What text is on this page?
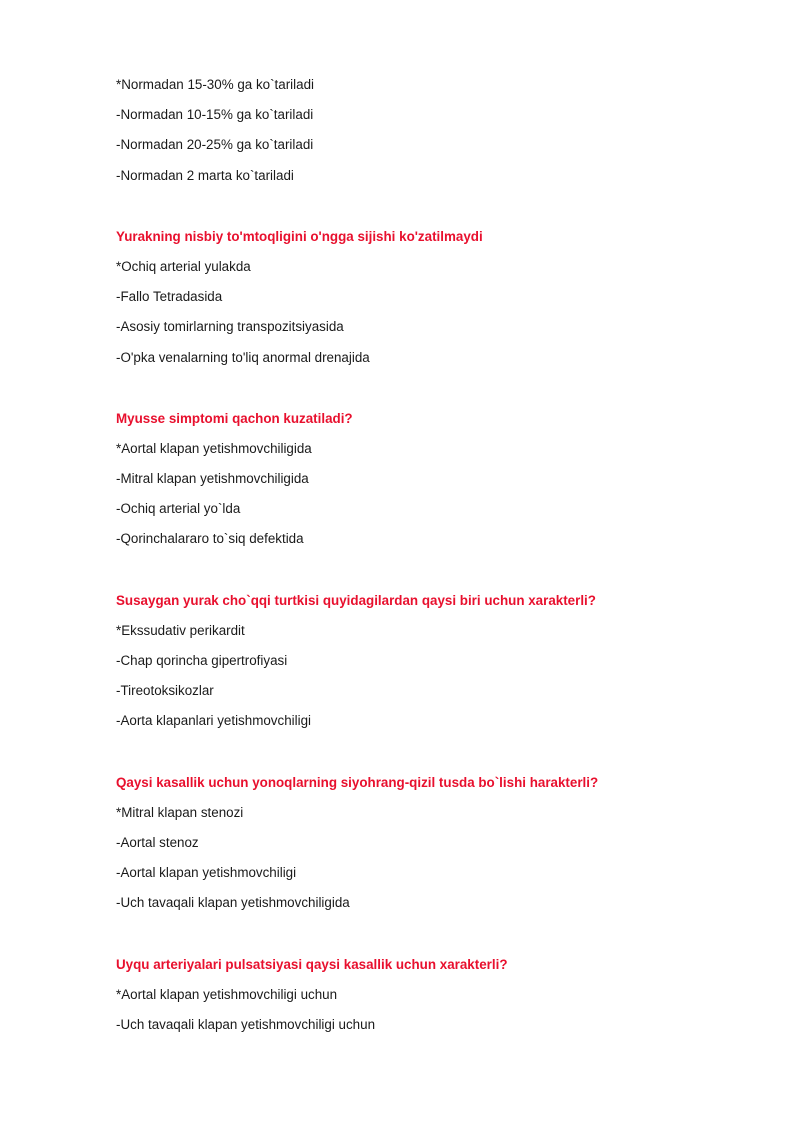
*Normadan 15-30% ga ko`tariladi
-Normadan 10-15% ga ko`tariladi
-Normadan 20-25% ga ko`tariladi
-Normadan 2 marta ko`tariladi
Yurakning nisbiy to'mtoqligini o'ngga sijishi ko'zatilmaydi
*Ochiq arterial yulakda
-Fallo Tetradasida
-Asosiy tomirlarning transpozitsiyasida
-O'pka venalarning to'liq anormal drenajida
Myusse simptomi qachon kuzatiladi?
*Aortal klapan yetishmovchiligida
-Mitral klapan yetishmovchiligida
-Ochiq arterial yo`lda
-Qorinchalararo to`siq defektida
Susaygan yurak cho`qqi turtkisi quyidagilardan qaysi biri uchun xarakterli?
*Ekssudativ perikardit
-Chap qorincha gipertrofiyasi
-Tireotoksikozlar
-Aorta klapanlari yetishmovchiligi
Qaysi kasallik uchun yonoqlarning siyohrang-qizil tusda bo`lishi harakterli?
*Mitral klapan stenozi
-Aortal stenoz
-Aortal klapan yetishmovchiligi
-Uch tavaqali klapan yetishmovchiligida
Uyqu arteriyalari pulsatsiyasi qaysi kasallik uchun xarakterli?
*Aortal klapan yetishmovchiligi uchun
-Uch tavaqali klapan yetishmovchiligi uchun
